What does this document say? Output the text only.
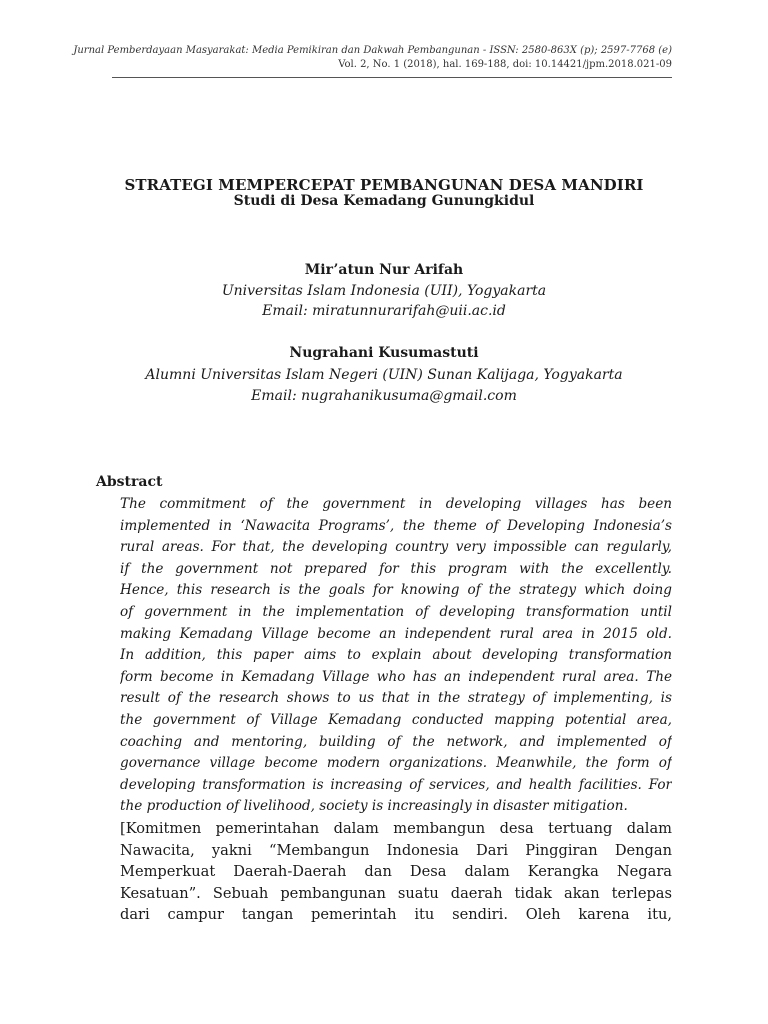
Jurnal Pemberdayaan Masyarakat: Media Pemikiran dan Dakwah Pembangunan - ISSN: 2580-863X (p); 2597-7768 (e)
Vol. 2, No. 1 (2018), hal. 169-188, doi: 10.14421/jpm.2018.021-09
STRATEGI MEMPERCEPAT PEMBANGUNAN DESA MANDIRI
Studi di Desa Kemadang Gunungkidul
Mir’atun Nur Arifah
Universitas Islam Indonesia (UII), Yogyakarta
Email: miratunnurarifah@uii.ac.id
Nugrahani Kusumastuti
Alumni Universitas Islam Negeri (UIN) Sunan Kalijaga, Yogyakarta
Email: nugrahanikusuma@gmail.com
Abstract
The commitment of the government in developing villages has been
implemented in ‘Nawacita Programs’, the theme of Developing Indonesia’s
rural areas. For that, the developing country very impossible can regularly,
if the government not prepared for this program with the excellently.
Hence, this research is the goals for knowing of the strategy which doing
of government in the implementation of developing transformation until
making Kemadang Village become an independent rural area in 2015 old.
In addition, this paper aims to explain about developing transformation
form become in Kemadang Village who has an independent rural area. The
result of the research shows to us that in the strategy of implementing, is
the government of Village Kemadang conducted mapping potential area,
coaching and mentoring, building of the network, and implemented of
governance village become modern organizations. Meanwhile, the form of
developing transformation is increasing of services, and health facilities. For
the production of livelihood, society is increasingly in disaster mitigation.
[Komitmen pemerintahan dalam membangun desa tertuang dalam
Nawacita, yakni “Membangun Indonesia Dari Pinggiran Dengan
Memperkuat Daerah-Daerah dan Desa dalam Kerangka Negara
Kesatuan”. Sebuah pembangunan suatu daerah tidak akan terlepas
dari campur tangan pemerintah itu sendiri. Oleh karena itu,
